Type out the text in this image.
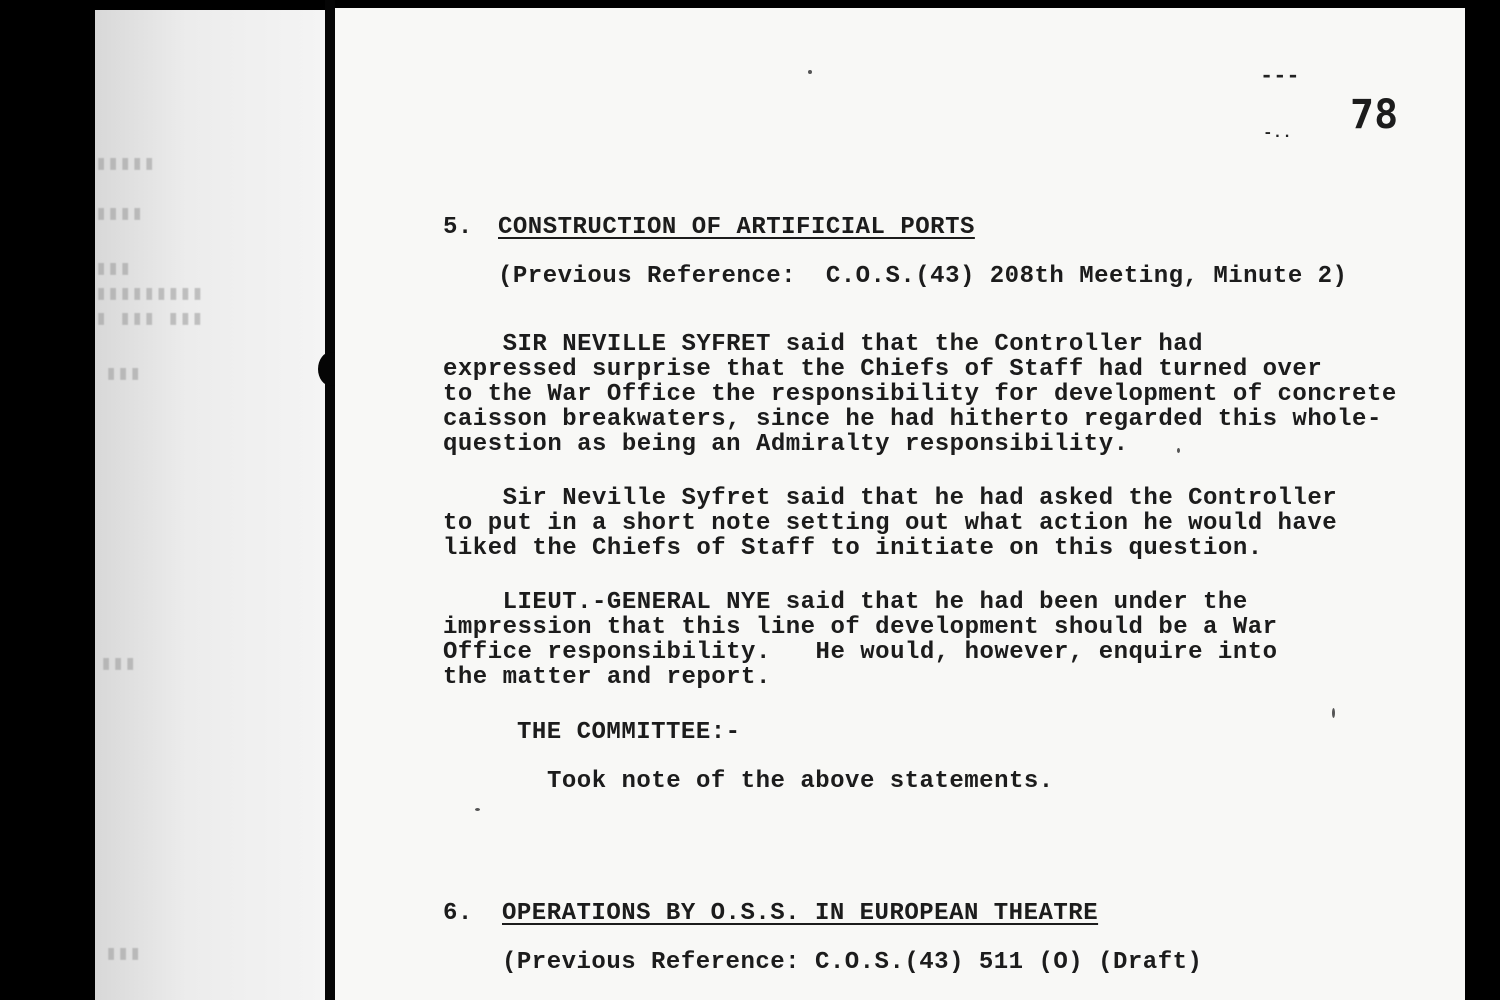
▮▮▮▮▮
▮▮▮▮
▮▮▮
▮▮▮▮▮▮▮▮▮
▮ ▮▮▮ ▮▮▮
▮▮▮
▮▮▮
▮▮▮
---
-.. 78
5. CONSTRUCTION OF ARTIFICIAL PORTS
(Previous Reference:  C.O.S.(43) 208th Meeting, Minute 2)
SIR NEVILLE SYFRET said that the Controller had
expressed surprise that the Chiefs of Staff had turned over
to the War Office the responsibility for development of concrete
caisson breakwaters, since he had hitherto regarded this whole-
question as being an Admiralty responsibility.
Sir Neville Syfret said that he had asked the Controller
to put in a short note setting out what action he would have
liked the Chiefs of Staff to initiate on this question.
LIEUT.-GENERAL NYE said that he had been under the
impression that this line of development should be a War
Office responsibility.   He would, however, enquire into
the matter and report.
THE COMMITTEE:-
Took note of the above statements.
6. OPERATIONS BY O.S.S. IN EUROPEAN THEATRE
(Previous Reference: C.O.S.(43) 511 (O) (Draft)
